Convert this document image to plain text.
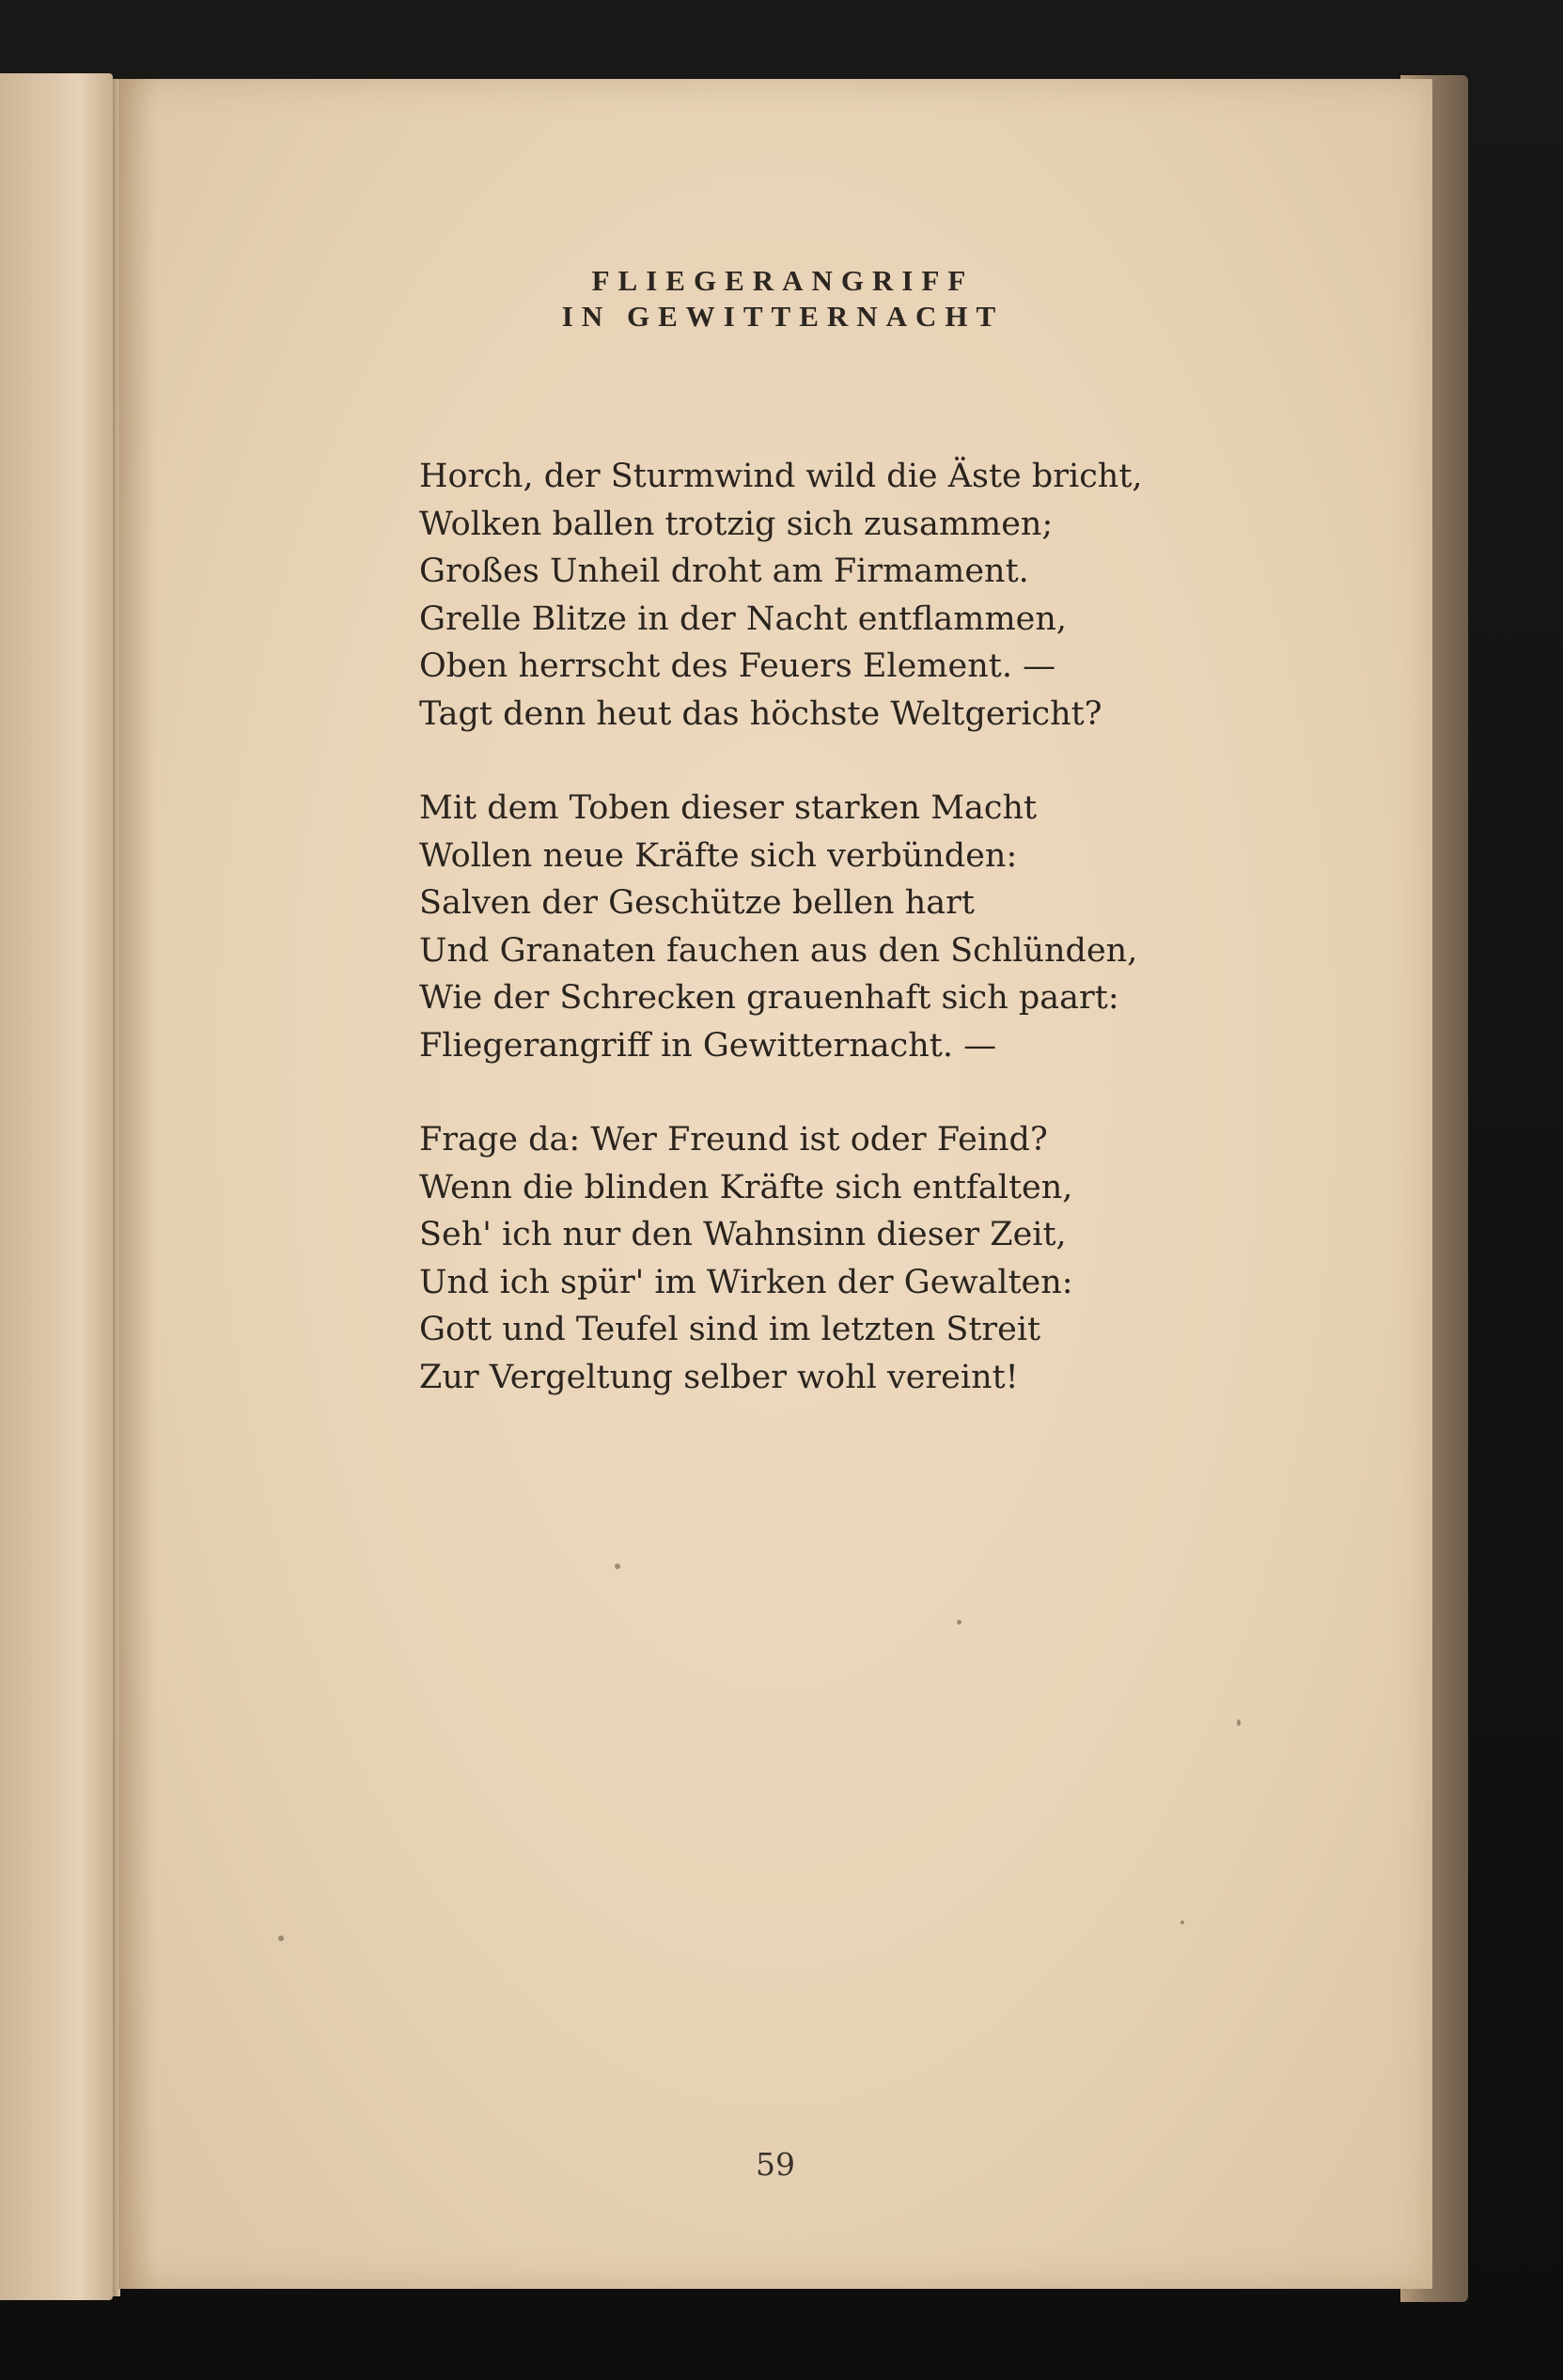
FLIEGERANGRIFF
IN GEWITTERNACHT
Horch, der Sturmwind wild die Äste bricht,
Wolken ballen trotzig sich zusammen;
Großes Unheil droht am Firmament.
Grelle Blitze in der Nacht entflammen,
Oben herrscht des Feuers Element. —
Tagt denn heut das höchste Weltgericht?
Mit dem Toben dieser starken Macht
Wollen neue Kräfte sich verbünden:
Salven der Geschütze bellen hart
Und Granaten fauchen aus den Schlünden,
Wie der Schrecken grauenhaft sich paart:
Fliegerangriff in Gewitternacht. —
Frage da: Wer Freund ist oder Feind?
Wenn die blinden Kräfte sich entfalten,
Seh' ich nur den Wahnsinn dieser Zeit,
Und ich spür' im Wirken der Gewalten:
Gott und Teufel sind im letzten Streit
Zur Vergeltung selber wohl vereint!
59
